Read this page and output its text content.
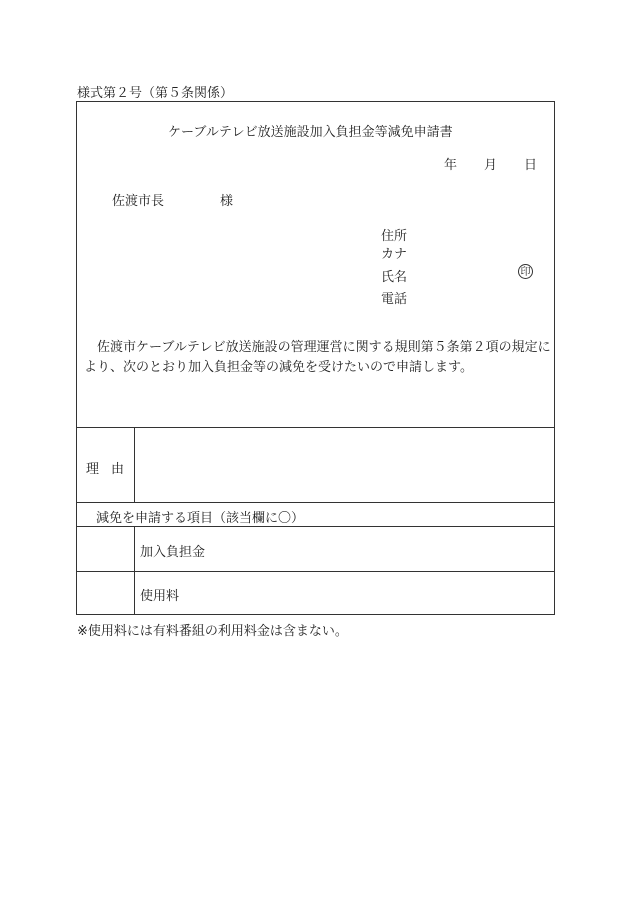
様式第２号（第５条関係）
ケーブルテレビ放送施設加入負担金等減免申請書
年 月 日
佐渡市長	様
住所
カナ
氏名	印
電話
佐渡市ケーブルテレビ放送施設の管理運営に関する規則第５条第２項の規定により、次のとおり加入負担金等の減免を受けたいので申請します。
理由
減免を申請する項目（該当欄に〇）
加入負担金
使用料
※使用料には有料番組の利用料金は含まない。
